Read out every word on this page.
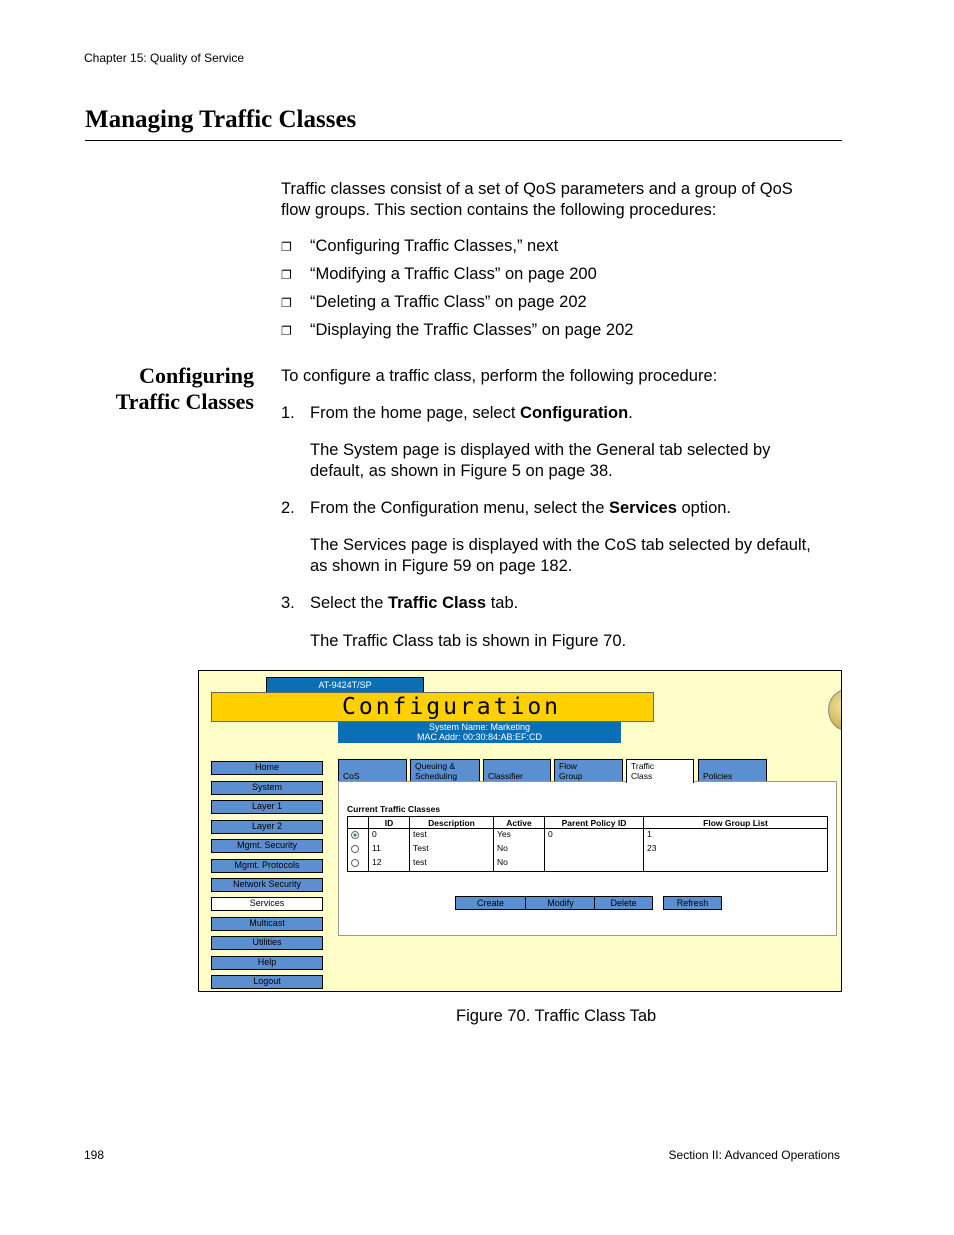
Chapter 15: Quality of Service
Managing Traffic Classes
Traffic classes consist of a set of QoS parameters and a group of QoS
flow groups. This section contains the following procedures:
❐ “Configuring Traffic Classes,” next
❐ “Modifying a Traffic Class” on page 200
❐ “Deleting a Traffic Class” on page 202
❐ “Displaying the Traffic Classes” on page 202
Configuring
Traffic Classes
To configure a traffic class, perform the following procedure:
1. From the home page, select Configuration.
The System page is displayed with the General tab selected by
default, as shown in Figure 5 on page 38.
2. From the Configuration menu, select the Services option.
The Services page is displayed with the CoS tab selected by default,
as shown in Figure 59 on page 182.
3. Select the Traffic Class tab.
The Traffic Class tab is shown in Figure 70.
AT-9424T/SP
Configuration
System Name: Marketing
MAC Addr: 00:30:84:AB:EF:CD
Home
System
Layer 1
Layer 2
Mgmt. Security
Mgmt. Protocols
Network Security
Services
Multicast
Utilities
Help
Logout
CoS
Queuing &
Scheduling	Classifier
Flow
Group
Traffic
Class	Policies
Current Traffic Classes
	ID	Description	Active	Parent Policy ID	Flow Group List
	0	test	Yes	0	1
	11	Test	No		23
	12	test	No		
Create	Modify	Delete	Refresh
Figure 70. Traffic Class Tab
198	Section II: Advanced Operations
